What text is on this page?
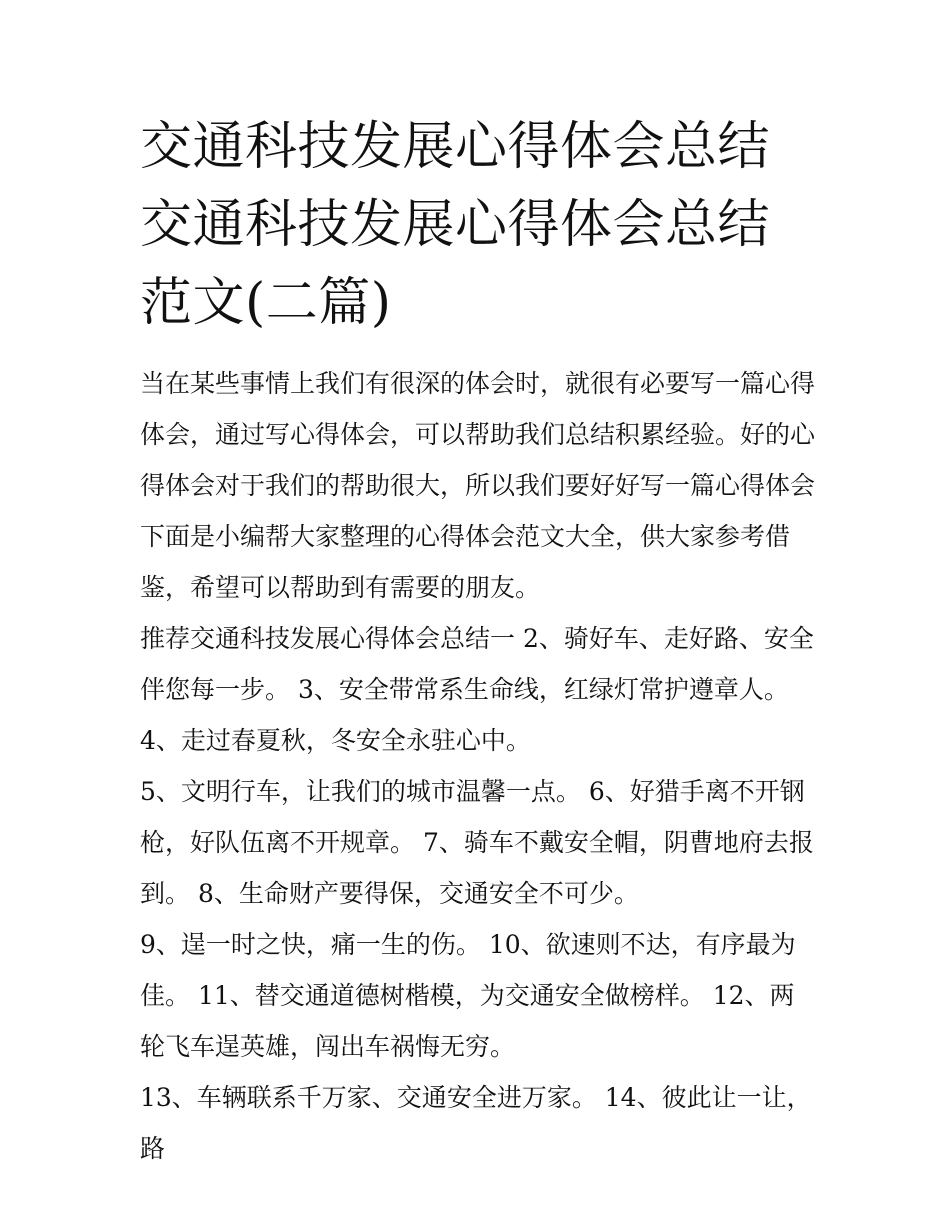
交通科技发展心得体会总结 交通科技发展心得体会总结范文(二篇)

当在某些事情上我们有很深的体会时，就很有必要写一篇心得体会，通过写心得体会，可以帮助我们总结积累经验。好的心得体会对于我们的帮助很大，所以我们要好好写一篇心得体会下面是小编帮大家整理的心得体会范文大全，供大家参考借鉴，希望可以帮助到有需要的朋友。

推荐交通科技发展心得体会总结一 2、骑好车、走好路、安全伴您每一步。 3、安全带常系生命线，红绿灯常护遵章人。

4、走过春夏秋，冬安全永驻心中。

5、文明行车，让我们的城市温馨一点。 6、好猎手离不开钢枪，好队伍离不开规章。 7、骑车不戴安全帽，阴曹地府去报到。 8、生命财产要得保，交通安全不可少。

9、逞一时之快，痛一生的伤。 10、欲速则不达，有序最为佳。 11、替交通道德树楷模，为交通安全做榜样。 12、两轮飞车逞英雄，闯出车祸悔无穷。

13、车辆联系千万家、交通安全进万家。 14、彼此让一让，路
